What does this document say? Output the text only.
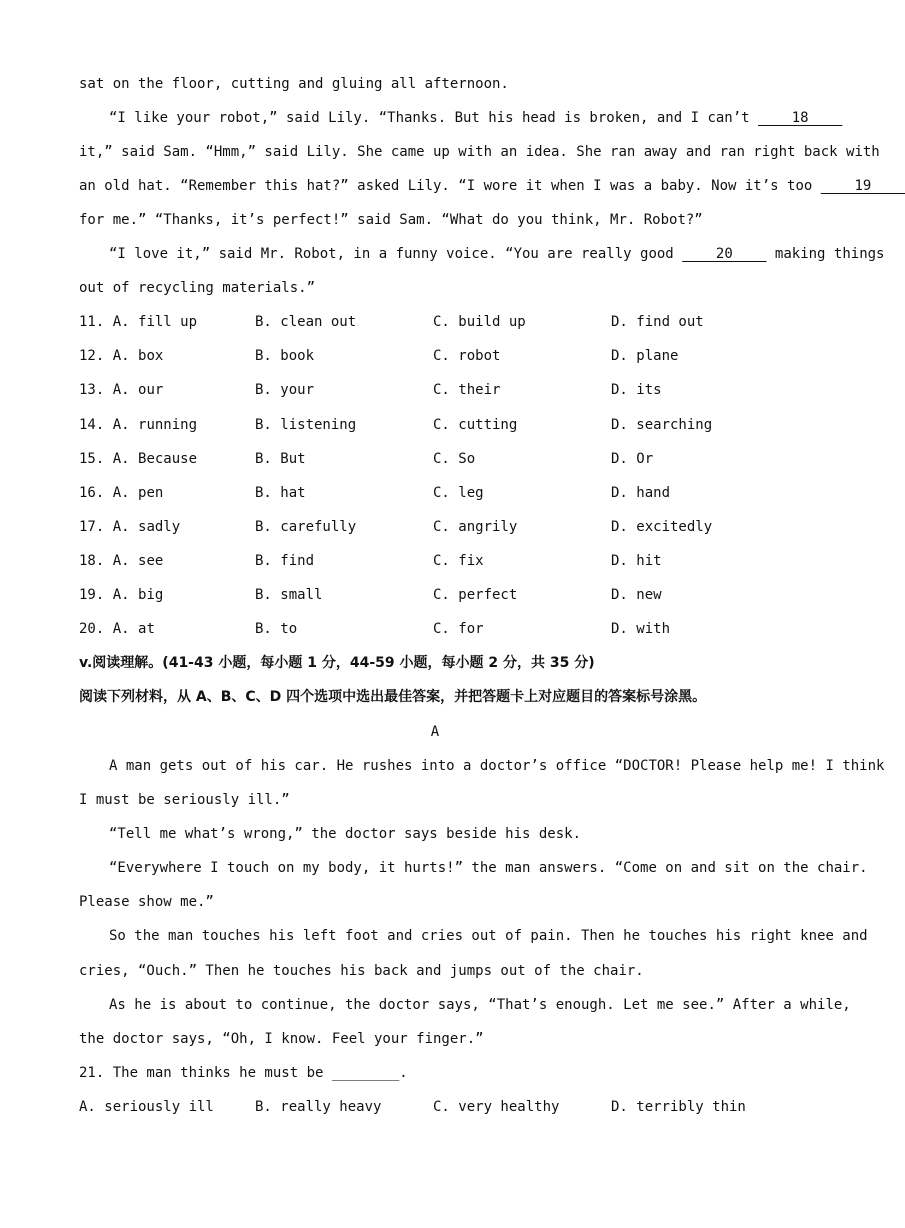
sat on the floor, cutting and gluing all afternoon.
“I like your robot,” said Lily. “Thanks. But his head is broken, and I can’t     18
it,” said Sam. “Hmm,” said Lily. She came up with an idea. She ran away and ran right back with
an old hat. “Remember this hat?” asked Lily. “I wore it when I was a baby. Now it’s too     19
for me.” “Thanks, it’s perfect!” said Sam. “What do you think, Mr. Robot?”
“I love it,” said Mr. Robot, in a funny voice. “You are really good     20     making things
out of recycling materials.”
11. A. fill up	B. clean out	C. build up	D. find out
12. A. box	B. book	C. robot	D. plane
13. A. our	B. your	C. their	D. its
14. A. running	B. listening	C. cutting	D. searching
15. A. Because	B. But	C. So	D. Or
16. A. pen	B. hat	C. leg	D. hand
17. A. sadly	B. carefully	C. angrily	D. excitedly
18. A. see	B. find	C. fix	D. hit
19. A. big	B. small	C. perfect	D. new
20. A. at	B. to	C. for	D. with
v.阅读理解。(41-43 小题，每小题 1 分，44-59 小题，每小题 2 分，共 35 分)
阅读下列材料，从 A、B、C、D 四个选项中选出最佳答案，并把答题卡上对应题目的答案标号涂黑。
A
A man gets out of his car. He rushes into a doctor’s office “DOCTOR! Please help me! I think
I must be seriously ill.”
“Tell me what’s wrong,” the doctor says beside his desk.
“Everywhere I touch on my body, it hurts!” the man answers. “Come on and sit on the chair.
Please show me.”
So the man touches his left foot and cries out of pain. Then he touches his right knee and
cries, “Ouch.” Then he touches his back and jumps out of the chair.
As he is about to continue, the doctor says, “That’s enough. Let me see.” After a while,
the doctor says, “Oh, I know. Feel your finger.”
21. The man thinks he must be ________.
A. seriously ill	B. really heavy	C. very healthy	D. terribly thin
